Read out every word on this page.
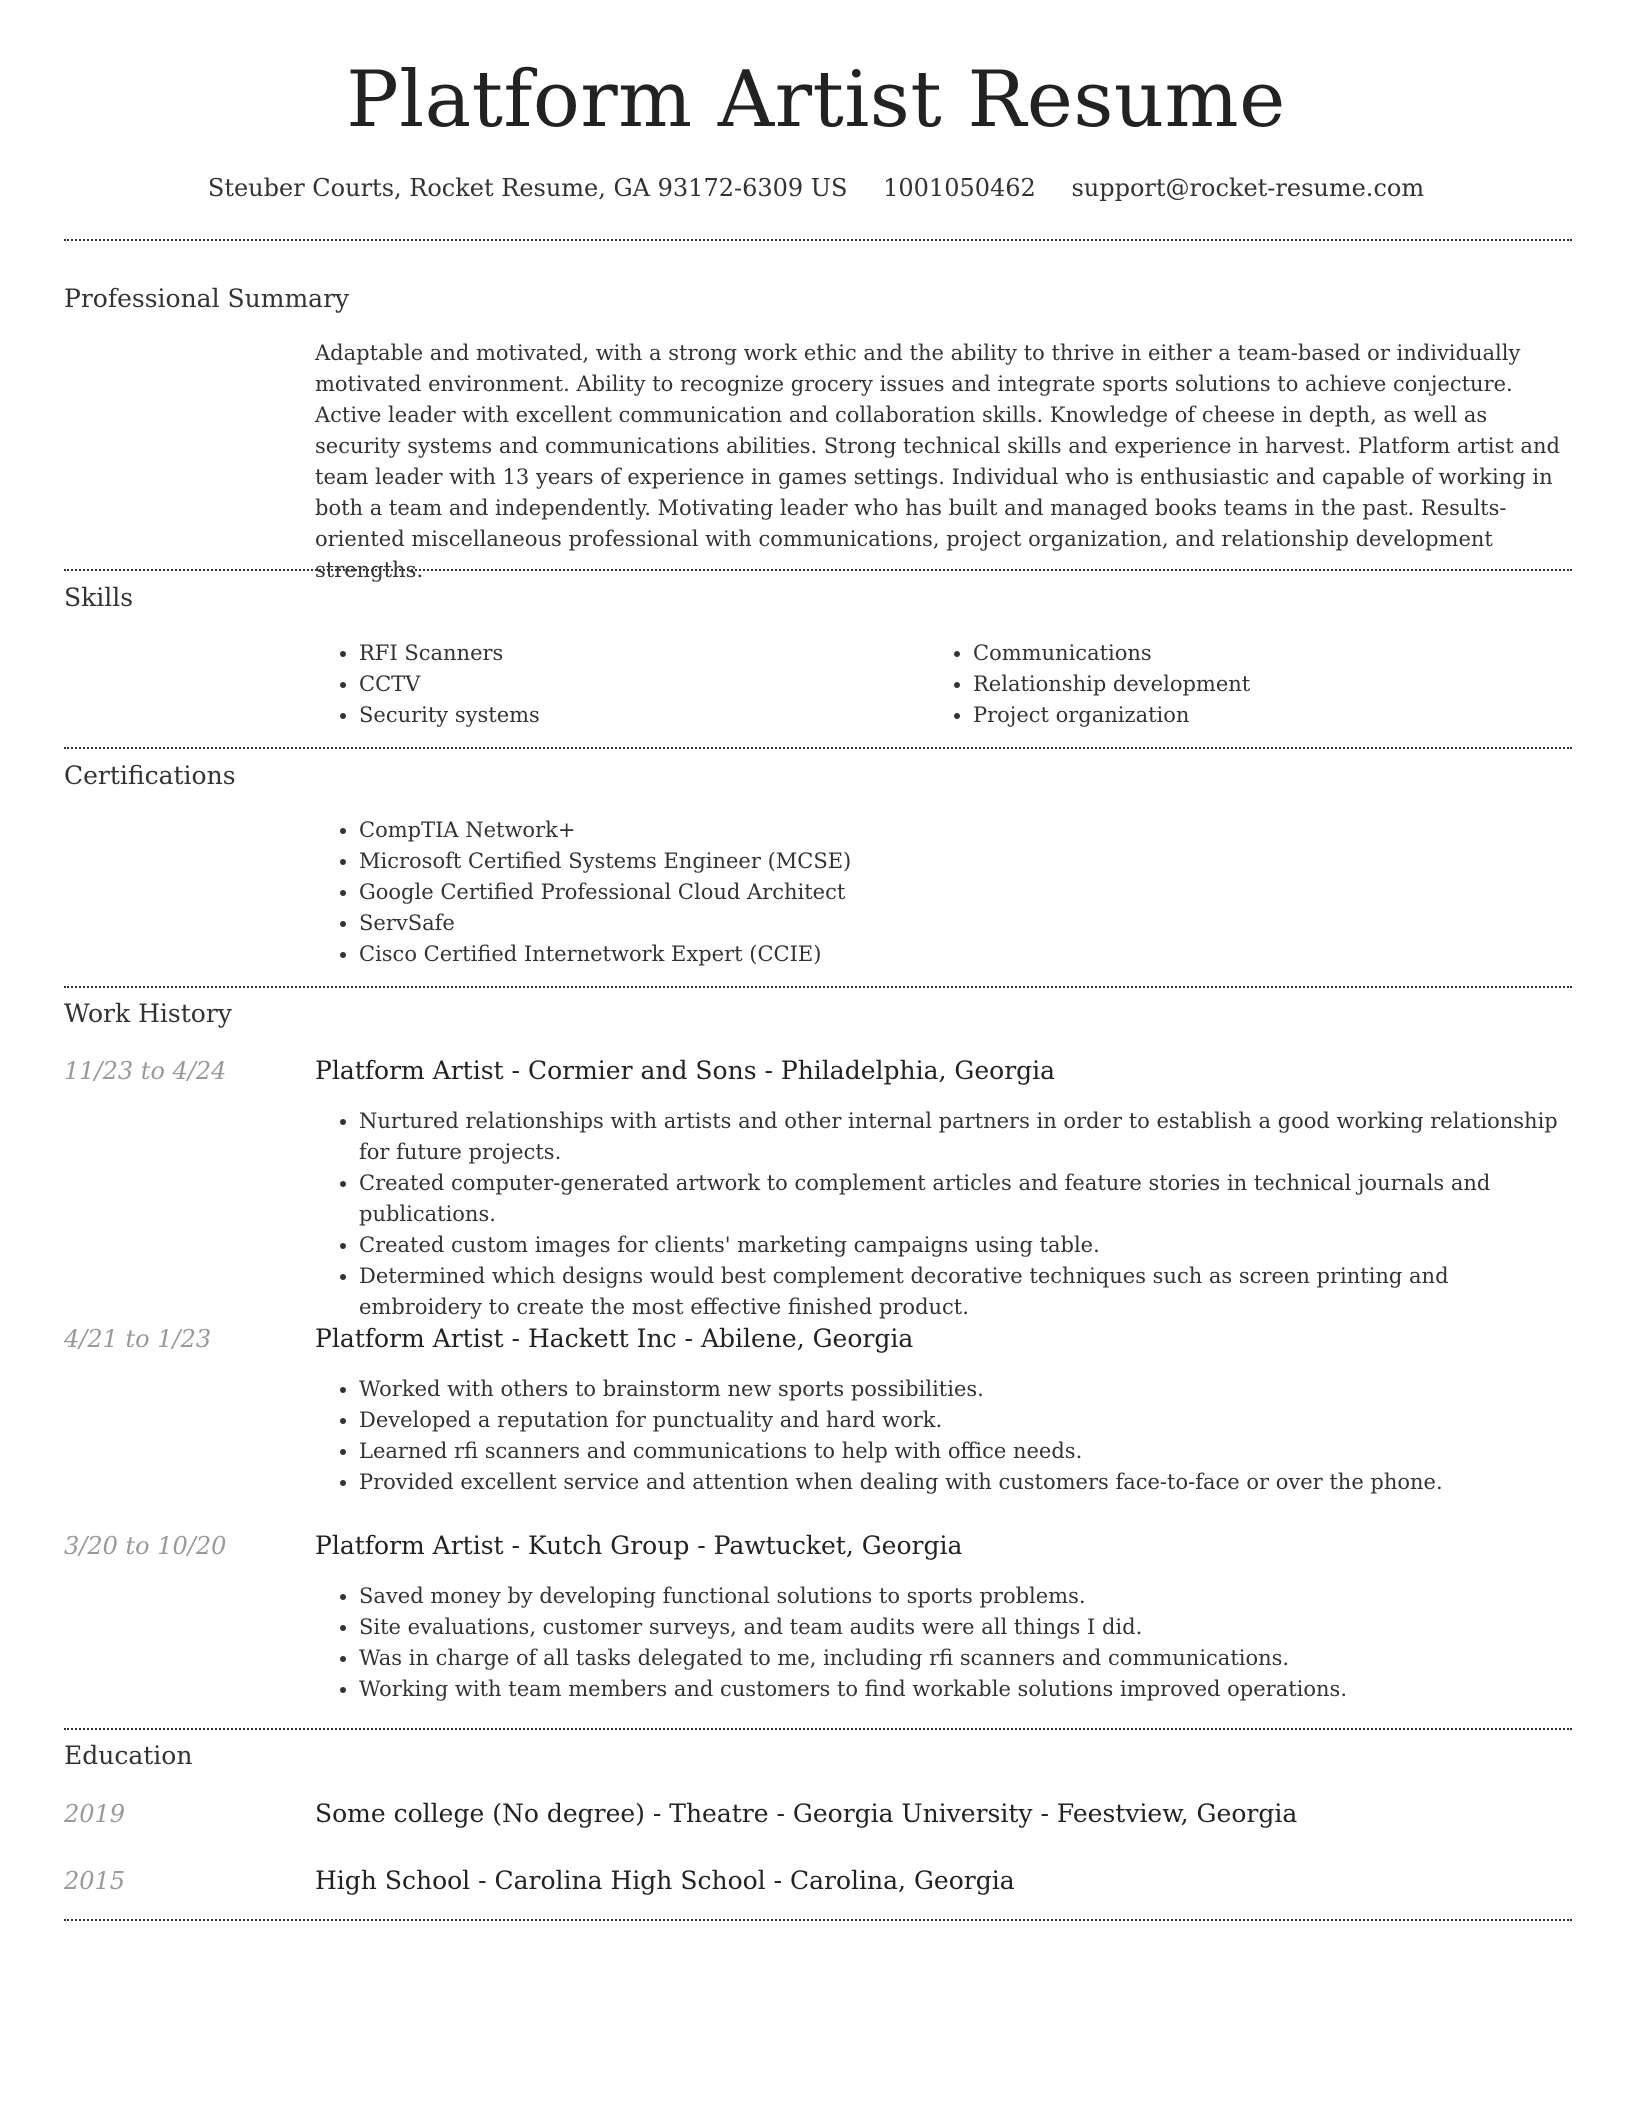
Platform Artist Resume
Steuber Courts, Rocket Resume, GA 93172-6309 US 1001050462 support@rocket-resume.com
Professional Summary

Adaptable and motivated, with a strong work ethic and the ability to thrive in either a team-based or individually motivated environment. Ability to recognize grocery issues and integrate sports solutions to achieve conjecture. Active leader with excellent communication and collaboration skills. Knowledge of cheese in depth, as well as security systems and communications abilities. Strong technical skills and experience in harvest. Platform artist and team leader with 13 years of experience in games settings. Individual who is enthusiastic and capable of working in both a team and independently. Motivating leader who has built and managed books teams in the past. Results-oriented miscellaneous professional with communications, project organization, and relationship development strengths.

Skills
• RFI Scanners
• CCTV
• Security systems
• Communications
• Relationship development
• Project organization
Certifications
• CompTIA Network+
• Microsoft Certified Systems Engineer (MCSE)
• Google Certified Professional Cloud Architect
• ServSafe
• Cisco Certified Internetwork Expert (CCIE)
Work History
11/23 to 4/24	Platform Artist - Cormier and Sons - Philadelphia, Georgia
• Nurtured relationships with artists and other internal partners in order to establish a good working relationship for future projects.
• Created computer-generated artwork to complement articles and feature stories in technical journals and publications.
• Created custom images for clients' marketing campaigns using table.
• Determined which designs would best complement decorative techniques such as screen printing and embroidery to create the most effective finished product.
4/21 to 1/23	Platform Artist - Hackett Inc - Abilene, Georgia
• Worked with others to brainstorm new sports possibilities.
• Developed a reputation for punctuality and hard work.
• Learned rfi scanners and communications to help with office needs.
• Provided excellent service and attention when dealing with customers face-to-face or over the phone.
3/20 to 10/20	Platform Artist - Kutch Group - Pawtucket, Georgia
• Saved money by developing functional solutions to sports problems.
• Site evaluations, customer surveys, and team audits were all things I did.
• Was in charge of all tasks delegated to me, including rfi scanners and communications.
• Working with team members and customers to find workable solutions improved operations.
Education
2019	Some college (No degree) - Theatre - Georgia University - Feestview, Georgia
2015	High School - Carolina High School - Carolina, Georgia
